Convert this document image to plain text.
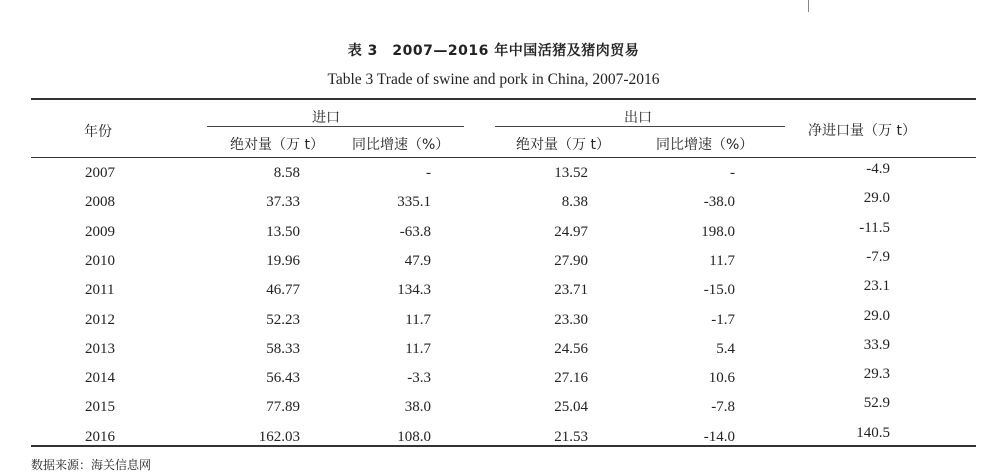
表 3　2007—2016 年中国活猪及猪肉贸易
Table 3 Trade of swine and pork in China, 2007-2016
年份
进口	出口
净进口量（万 t）
绝对量（万 t） 同比增速（%）	绝对量（万 t）	同比增速（%）
2007	8.58	-	13.52	-	-4.9
2008	37.33	335.1	8.38	-38.0	29.0
2009	13.50	-63.8	24.97	198.0	-11.5
2010	19.96	47.9	27.90	11.7	-7.9
2011	46.77	134.3	23.71	-15.0	23.1
2012	52.23	11.7	23.30	-1.7	29.0
2013	58.33	11.7	24.56	5.4	33.9
2014	56.43	-3.3	27.16	10.6	29.3
2015	77.89	38.0	25.04	-7.8	52.9
2016	162.03	108.0	21.53	-14.0	140.5
数据来源：海关信息网
